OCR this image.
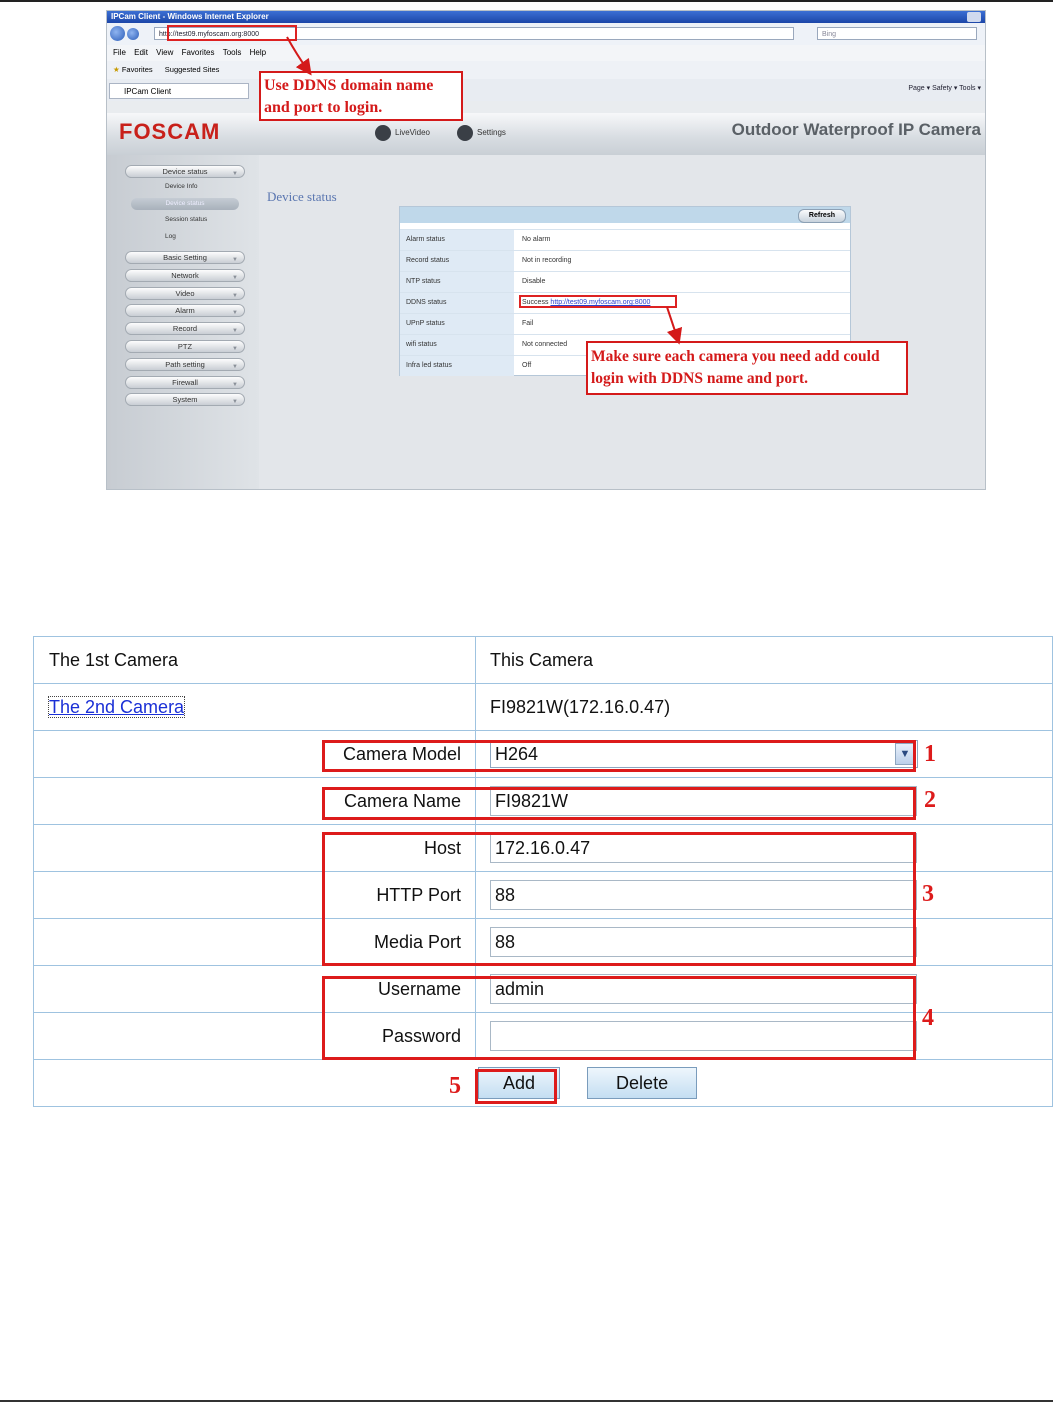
IPCam Client - Windows Internet Explorer
http://test09.myfoscam.org:8000	Bing
File Edit View Favorites Tools Help
★ Favorites Suggested Sites
IPCam Client	Page ▾ Safety ▾ Tools ▾
FOSCAM	LiveVideo	Settings	Outdoor Waterproof IP Camera
Device status	▼
Device Info
Device status
Session status
Log
Basic Setting	▼
Network	▼
Video	▼
Alarm	▼
Record	▼
PTZ	▼
Path setting	▼
Firewall	▼
System	▼
Device status
Refresh
Alarm status	No alarm
Record status	Not in recording
NTP status	Disable
DDNS status	Success http://test09.myfoscam.org:8000
UPnP status	Fail
wifi status	Not connected
Infra led status	Off
Use DDNS domain name and port to login.
Make sure each camera you need add could login with DDNS name and port.
The 1st Camera	This Camera
The 2nd Camera	FI9821W(172.16.0.47)
Camera Model	H264 ▼

Camera Name	FI9821W

Host	172.16.0.47

HTTP Port	88

Media Port	88

Username	admin

Password	

Add Delete	
1
2
3
4
5
